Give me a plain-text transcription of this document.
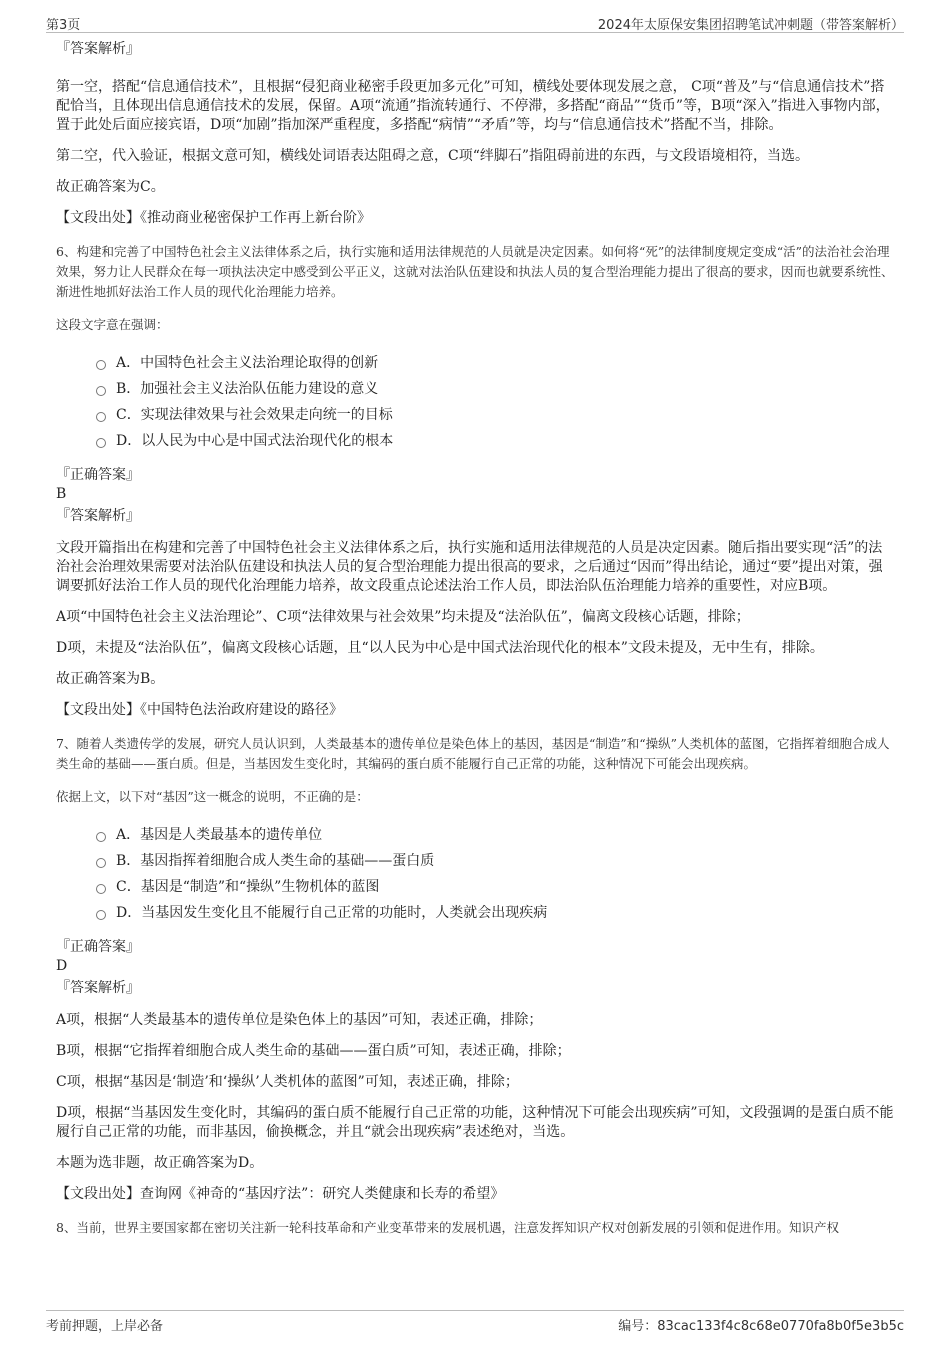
第3页	2024年太原保安集团招聘笔试冲刺题（带答案解析）
『答案解析』
第一空，搭配“信息通信技术”，且根据“侵犯商业秘密手段更加多元化”可知，横线处要体现发展之意， C项“普及”与“信息通信技术”搭配恰当，且体现出信息通信技术的发展，保留。A项“流通”指流转通行、不停滞，多搭配“商品”“货币”等，B项“深入”指进入事物内部，置于此处后面应接宾语，D项“加剧”指加深严重程度，多搭配“病情”“矛盾”等，均与“信息通信技术”搭配不当，排除。
第二空，代入验证，根据文意可知，横线处词语表达阻碍之意，C项“绊脚石”指阻碍前进的东西，与文段语境相符，当选。
故正确答案为C。
【文段出处】《推动商业秘密保护工作再上新台阶》
6、构建和完善了中国特色社会主义法律体系之后，执行实施和适用法律规范的人员就是决定因素。如何将“死”的法律制度规定变成“活”的法治社会治理效果，努力让人民群众在每一项执法决定中感受到公平正义，这就对法治队伍建设和执法人员的复合型治理能力提出了很高的要求，因而也就要系统性、渐进性地抓好法治工作人员的现代化治理能力培养。
这段文字意在强调：
A．中国特色社会主义法治理论取得的创新
B．加强社会主义法治队伍能力建设的意义
C．实现法律效果与社会效果走向统一的目标
D．以人民为中心是中国式法治现代化的根本
『正确答案』
B
『答案解析』
文段开篇指出在构建和完善了中国特色社会主义法律体系之后，执行实施和适用法律规范的人员是决定因素。随后指出要实现“活”的法治社会治理效果需要对法治队伍建设和执法人员的复合型治理能力提出很高的要求，之后通过“因而”得出结论，通过“要”提出对策，强调要抓好法治工作人员的现代化治理能力培养，故文段重点论述法治工作人员，即法治队伍治理能力培养的重要性，对应B项。
A项“中国特色社会主义法治理论”、C项“法律效果与社会效果”均未提及“法治队伍”，偏离文段核心话题，排除；
D项，未提及“法治队伍”，偏离文段核心话题，且“以人民为中心是中国式法治现代化的根本”文段未提及，无中生有，排除。
故正确答案为B。
【文段出处】《中国特色法治政府建设的路径》
7、随着人类遗传学的发展，研究人员认识到，人类最基本的遗传单位是染色体上的基因，基因是“制造”和“操纵”人类机体的蓝图，它指挥着细胞合成人类生命的基础——蛋白质。但是，当基因发生变化时，其编码的蛋白质不能履行自己正常的功能，这种情况下可能会出现疾病。
依据上文，以下对“基因”这一概念的说明，不正确的是：
A．基因是人类最基本的遗传单位
B．基因指挥着细胞合成人类生命的基础——蛋白质
C．基因是“制造”和“操纵”生物机体的蓝图
D．当基因发生变化且不能履行自己正常的功能时，人类就会出现疾病
『正确答案』
D
『答案解析』
A项，根据“人类最基本的遗传单位是染色体上的基因”可知，表述正确，排除；
B项，根据“它指挥着细胞合成人类生命的基础——蛋白质”可知，表述正确，排除；
C项，根据“基因是‘制造’和‘操纵’人类机体的蓝图”可知，表述正确，排除；
D项，根据“当基因发生变化时，其编码的蛋白质不能履行自己正常的功能，这种情况下可能会出现疾病”可知，文段强调的是蛋白质不能履行自己正常的功能，而非基因，偷换概念，并且“就会出现疾病”表述绝对，当选。
本题为选非题，故正确答案为D。
【文段出处】查询网《神奇的“基因疗法”：研究人类健康和长寿的希望》
8、当前，世界主要国家都在密切关注新一轮科技革命和产业变革带来的发展机遇，注意发挥知识产权对创新发展的引领和促进作用。知识产权
考前押题，上岸必备	编号：83cac133f4c8c68e0770fa8b0f5e3b5c
